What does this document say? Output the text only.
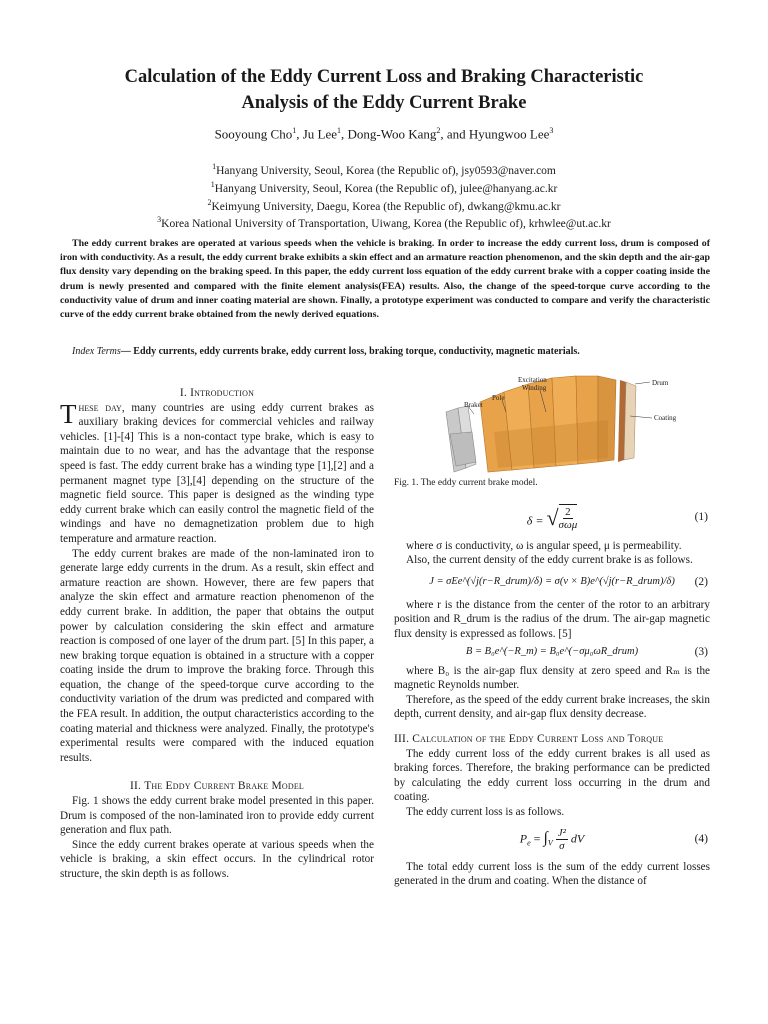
Calculation of the Eddy Current Loss and Braking Characteristic
Analysis of the Eddy Current Brake

Sooyoung Cho$^1$, Ju Lee$^1$, Dong-Woo Kang$^2$, and Hyungwoo Lee$^3$

$^1$Hanyang University, Seoul, Korea (the Republic of), jsy0593@naver.com

$^1$Hanyang University, Seoul, Korea (the Republic of), julee@hanyang.ac.kr

$^2$Keimyung University, Daegu, Korea (the Republic of), dwkang@kmu.ac.kr

$^3$Korea National University of Transportation, Uiwang, Korea (the Republic of), krhwlee@ut.ac.kr

The eddy current brakes are operated at various speeds when the vehicle is braking. In order to increase the eddy current loss, drum is composed of iron with conductivity. As a result, the eddy current brake exhibits a skin effect and an armature reaction phenomenon, and the skin depth and the air-gap flux density vary depending on the braking speed. In this paper, the eddy current loss equation of the eddy current brake with a copper coating inside the drum is newly presented and compared with the finite element analysis(FEA) results. Also, the change of the speed-torque curve according to the conductivity value of drum and inner coating material are shown. Finally, a prototype experiment was conducted to compare and verify the characteristic curve of the eddy current brake obtained from the newly derived equations.

Index Terms— Eddy currents, eddy currents brake, eddy current loss, braking torque, conductivity, magnetic materials.

I. Introduction

These day, many countries are using eddy current brakes as auxiliary braking devices for commercial vehicles and railway vehicles. [1]-[4] This is a non-contact type brake, which is easy to maintain due to no wear, and has the advantage that the response speed is fast. The eddy current brake has a winding type [1],[2] and a permanent magnet type [3],[4] depending on the structure of the magnetic field source. This paper is designed as the winding type eddy current brake which can easily control the magnetic field of the windings and have no demagnetization problem due to high temperature and armature reaction.

The eddy current brakes are made of the non-laminated iron to generate large eddy currents in the drum. As a result, skin effect and armature reaction are shown. However, there are few papers that analyze the skin effect and armature reaction phenomenon of the eddy current brake. In addition, the paper that obtains the output power by calculation considering the skin effect and armature reaction is composed of one layer of the drum part. [5] In this paper, a new braking torque equation is obtained in a structure with a copper coating inside the drum to improve the braking force. Through this equation, the change of the speed-torque curve according to the conductivity variation of the drum was predicted and compared with the FEA result. In addition, the output characteristics according to the coating material and thickness were analyzed. Finally, the prototype's experimental results were compared with the induced equation results.

II. The Eddy Current Brake Model

Fig. 1 shows the eddy current brake model presented in this paper. Drum is composed of the non-laminated iron to provide eddy current generation and flux path.

Since the eddy current brakes operate at various speeds when the vehicle is braking, a skin effect occurs. In the cylindrical rotor structure, the skin depth is as follows.

Excitation
Winding
Drum
Pole
Braket
Coating

Fig. 1. The eddy current brake model.

δ = √ $\frac{2}{\text{σωμ}}$	(1)

where σ is conductivity, ω is angular speed, μ is permeability.

Also, the current density of the eddy current brake is as follows.

J = σEe^(√j(r−R_drum)/δ) = σ(v × B)e^(√j(r−R_drum)/δ) (2)

where r is the distance from the center of the rotor to an arbitrary position and R_drum is the radius of the drum. The air-gap magnetic flux density is expressed as follows. [5]

B = B₀e^(−R_m) = B₀e^(−σμ₀ωR_drum)	(3)

where B₀ is the air-gap flux density at zero speed and Rₘ is the magnetic Reynolds number.

Therefore, as the speed of the eddy current brake increases, the skin depth, current density, and air-gap flux density decrease.

III. Calculation of the Eddy Current Loss and Torque

The eddy current loss of the eddy current brakes is all used as braking forces. Therefore, the braking performance can be predicted by calculating the eddy current loss occurring in the drum and coating.

The eddy current loss is as follows.

$P_e = \int_V \frac{\text{J²}}{\sigma}$ dV	(4)

The total eddy current loss is the sum of the eddy current losses generated in the drum and coating. When the distance of
